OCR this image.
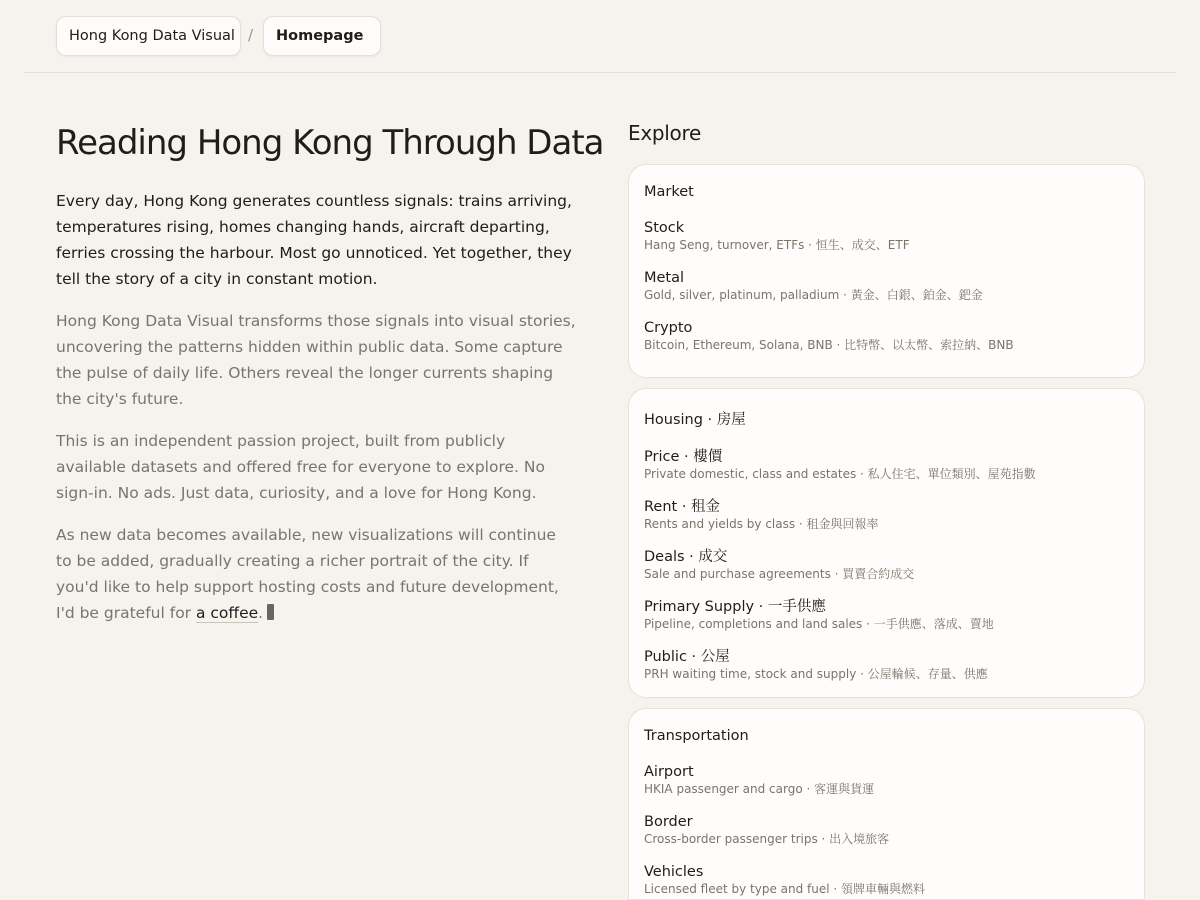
Hong Kong Data Visual / Homepage
Reading Hong Kong Through Data

Every day, Hong Kong generates countless signals: trains arriving, temperatures rising, homes changing hands, aircraft departing, ferries crossing the harbour. Most go unnoticed. Yet together, they tell the story of a city in constant motion.

Hong Kong Data Visual transforms those signals into visual stories, uncovering the patterns hidden within public data. Some capture the pulse of daily life. Others reveal the longer currents shaping the city's future.

This is an independent passion project, built from publicly available datasets and offered free for everyone to explore. No sign-in. No ads. Just data, curiosity, and a love for Hong Kong.

As new data becomes available, new visualizations will continue to be added, gradually creating a richer portrait of the city. If you'd like to help support hosting costs and future development, I'd be grateful for a coffee.

Explore
Market
Stock
Hang Seng, turnover, ETFs · 恒生、成交、ETF
Metal
Gold, silver, platinum, palladium · 黃金、白銀、鉑金、鈀金
Crypto
Bitcoin, Ethereum, Solana, BNB · 比特幣、以太幣、索拉納、BNB
Housing · 房屋
Price · 樓價
Private domestic, class and estates · 私人住宅、單位類別、屋苑指數
Rent · 租金
Rents and yields by class · 租金與回報率
Deals · 成交
Sale and purchase agreements · 買賣合約成交
Primary Supply · 一手供應
Pipeline, completions and land sales · 一手供應、落成、賣地
Public · 公屋
PRH waiting time, stock and supply · 公屋輪候、存量、供應
Transportation
Airport
HKIA passenger and cargo · 客運與貨運
Border
Cross-border passenger trips · 出入境旅客
Vehicles
Licensed fleet by type and fuel · 領牌車輛與燃料
